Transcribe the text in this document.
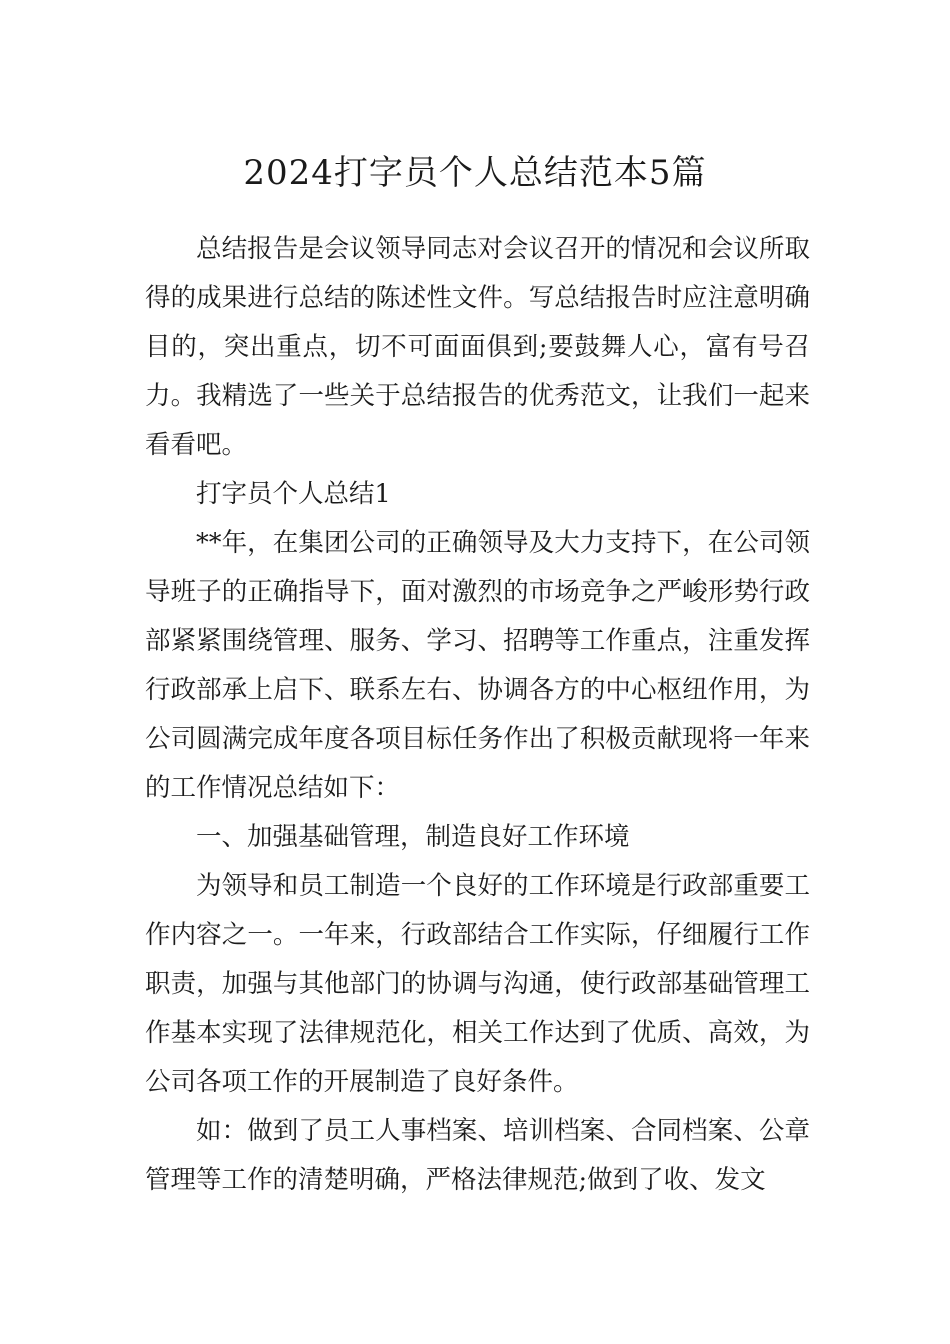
2024打字员个人总结范本5篇

总结报告是会议领导同志对会议召开的情况和会议所取得的成果进行总结的陈述性文件。写总结报告时应注意明确目的，突出重点，切不可面面俱到;要鼓舞人心，富有号召力。我精选了一些关于总结报告的优秀范文，让我们一起来看看吧。

打字员个人总结1

**年，在集团公司的正确领导及大力支持下，在公司领导班子的正确指导下，面对激烈的市场竞争之严峻形势行政部紧紧围绕管理、服务、学习、招聘等工作重点，注重发挥行政部承上启下、联系左右、协调各方的中心枢纽作用，为公司圆满完成年度各项目标任务作出了积极贡献现将一年来的工作情况总结如下：

一、加强基础管理，制造良好工作环境

为领导和员工制造一个良好的工作环境是行政部重要工作内容之一。一年来，行政部结合工作实际，仔细履行工作职责，加强与其他部门的协调与沟通，使行政部基础管理工作基本实现了法律规范化，相关工作达到了优质、高效，为公司各项工作的开展制造了良好条件。

如：做到了员工人事档案、培训档案、合同档案、公章管理等工作的清楚明确，严格法律规范;做到了收、发文
